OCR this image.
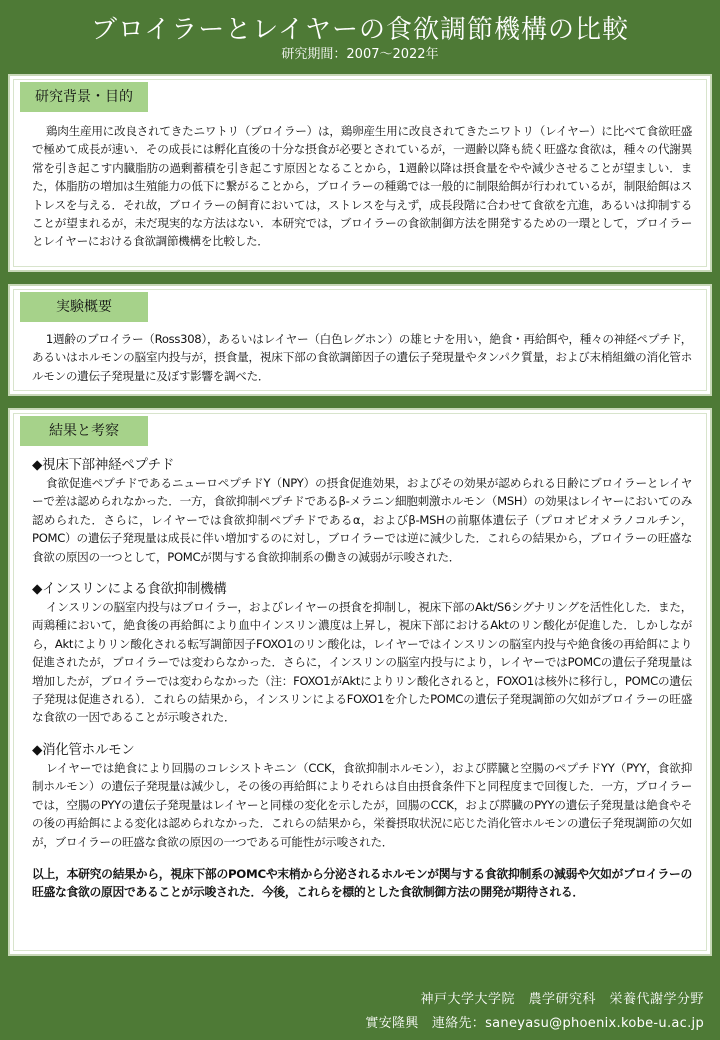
ブロイラーとレイヤーの食欲調節機構の比較
研究期間：2007～2022年
研究背景・目的
鶏肉生産用に改良されてきたニワトリ（ブロイラー）は，鶏卵産生用に改良されてきたニワトリ（レイヤー）に比べて食欲旺盛で極めて成長が速い．その成長には孵化直後の十分な摂食が必要とされているが，一週齢以降も続く旺盛な食欲は，種々の代謝異常を引き起こす内臓脂肪の過剰蓄積を引き起こす原因となることから，1週齢以降は摂食量をやや減少させることが望ましい．また，体脂肪の増加は生殖能力の低下に繋がることから，ブロイラーの種鶏では一般的に制限給餌が行われているが，制限給餌はストレスを与える．それ故，ブロイラーの飼育においては，ストレスを与えず，成長段階に合わせて食欲を亢進，あるいは抑制することが望まれるが，未だ現実的な方法はない．本研究では，ブロイラーの食欲制御方法を開発するための一環として，ブロイラーとレイヤーにおける食欲調節機構を比較した．
実験概要
1週齢のブロイラー（Ross308），あるいはレイヤー（白色レグホン）の雄ヒナを用い，絶食・再給餌や，種々の神経ペプチド，あるいはホルモンの脳室内投与が，摂食量，視床下部の食欲調節因子の遺伝子発現量やタンパク質量，および末梢組織の消化管ホルモンの遺伝子発現量に及ぼす影響を調べた．
結果と考察
◆視床下部神経ペプチド

食欲促進ペプチドであるニューロペプチドY（NPY）の摂食促進効果，およびその効果が認められる日齢にブロイラーとレイヤーで差は認められなかった．一方，食欲抑制ペプチドであるβ-メラニン細胞刺激ホルモン（MSH）の効果はレイヤーにおいてのみ認められた．さらに，レイヤーでは食欲抑制ペプチドであるα，およびβ-MSHの前駆体遺伝子（プロオピオメラノコルチン，POMC）の遺伝子発現量は成長に伴い増加するのに対し，ブロイラーでは逆に減少した．これらの結果から，ブロイラーの旺盛な食欲の原因の一つとして，POMCが関与する食欲抑制系の働きの減弱が示唆された．

◆インスリンによる食欲抑制機構

インスリンの脳室内投与はブロイラー，およびレイヤーの摂食を抑制し，視床下部のAkt/S6シグナリングを活性化した．また，両鶏種において，絶食後の再給餌により血中インスリン濃度は上昇し，視床下部におけるAktのリン酸化が促進した．しかしながら，Aktによりリン酸化される転写調節因子FOXO1のリン酸化は，レイヤーではインスリンの脳室内投与や絶食後の再給餌により促進されたが，ブロイラーでは変わらなかった．さらに，インスリンの脳室内投与により，レイヤーではPOMCの遺伝子発現量は増加したが，ブロイラーでは変わらなかった（注：FOXO1がAktによりリン酸化されると，FOXO1は核外に移行し，POMCの遺伝子発現は促進される）．これらの結果から，インスリンによるFOXO1を介したPOMCの遺伝子発現調節の欠如がブロイラーの旺盛な食欲の一因であることが示唆された．

◆消化管ホルモン

レイヤーでは絶食により回腸のコレシストキニン（CCK，食欲抑制ホルモン），および膵臓と空腸のペプチドYY（PYY，食欲抑制ホルモン）の遺伝子発現量は減少し，その後の再給餌によりそれらは自由摂食条件下と同程度まで回復した．一方，ブロイラーでは，空腸のPYYの遺伝子発現量はレイヤーと同様の変化を示したが，回腸のCCK，および膵臓のPYYの遺伝子発現量は絶食やその後の再給餌による変化は認められなかった．これらの結果から，栄養摂取状況に応じた消化管ホルモンの遺伝子発現調節の欠如が，ブロイラーの旺盛な食欲の原因の一つである可能性が示唆された．

以上，本研究の結果から，視床下部のPOMCや末梢から分泌されるホルモンが関与する食欲抑制系の減弱や欠如がブロイラーの旺盛な食欲の原因であることが示唆された．今後，これらを標的とした食欲制御方法の開発が期待される．

神戸大学大学院　農学研究科　栄養代謝学分野
實安隆興　連絡先：saneyasu@phoenix.kobe-u.ac.jp
